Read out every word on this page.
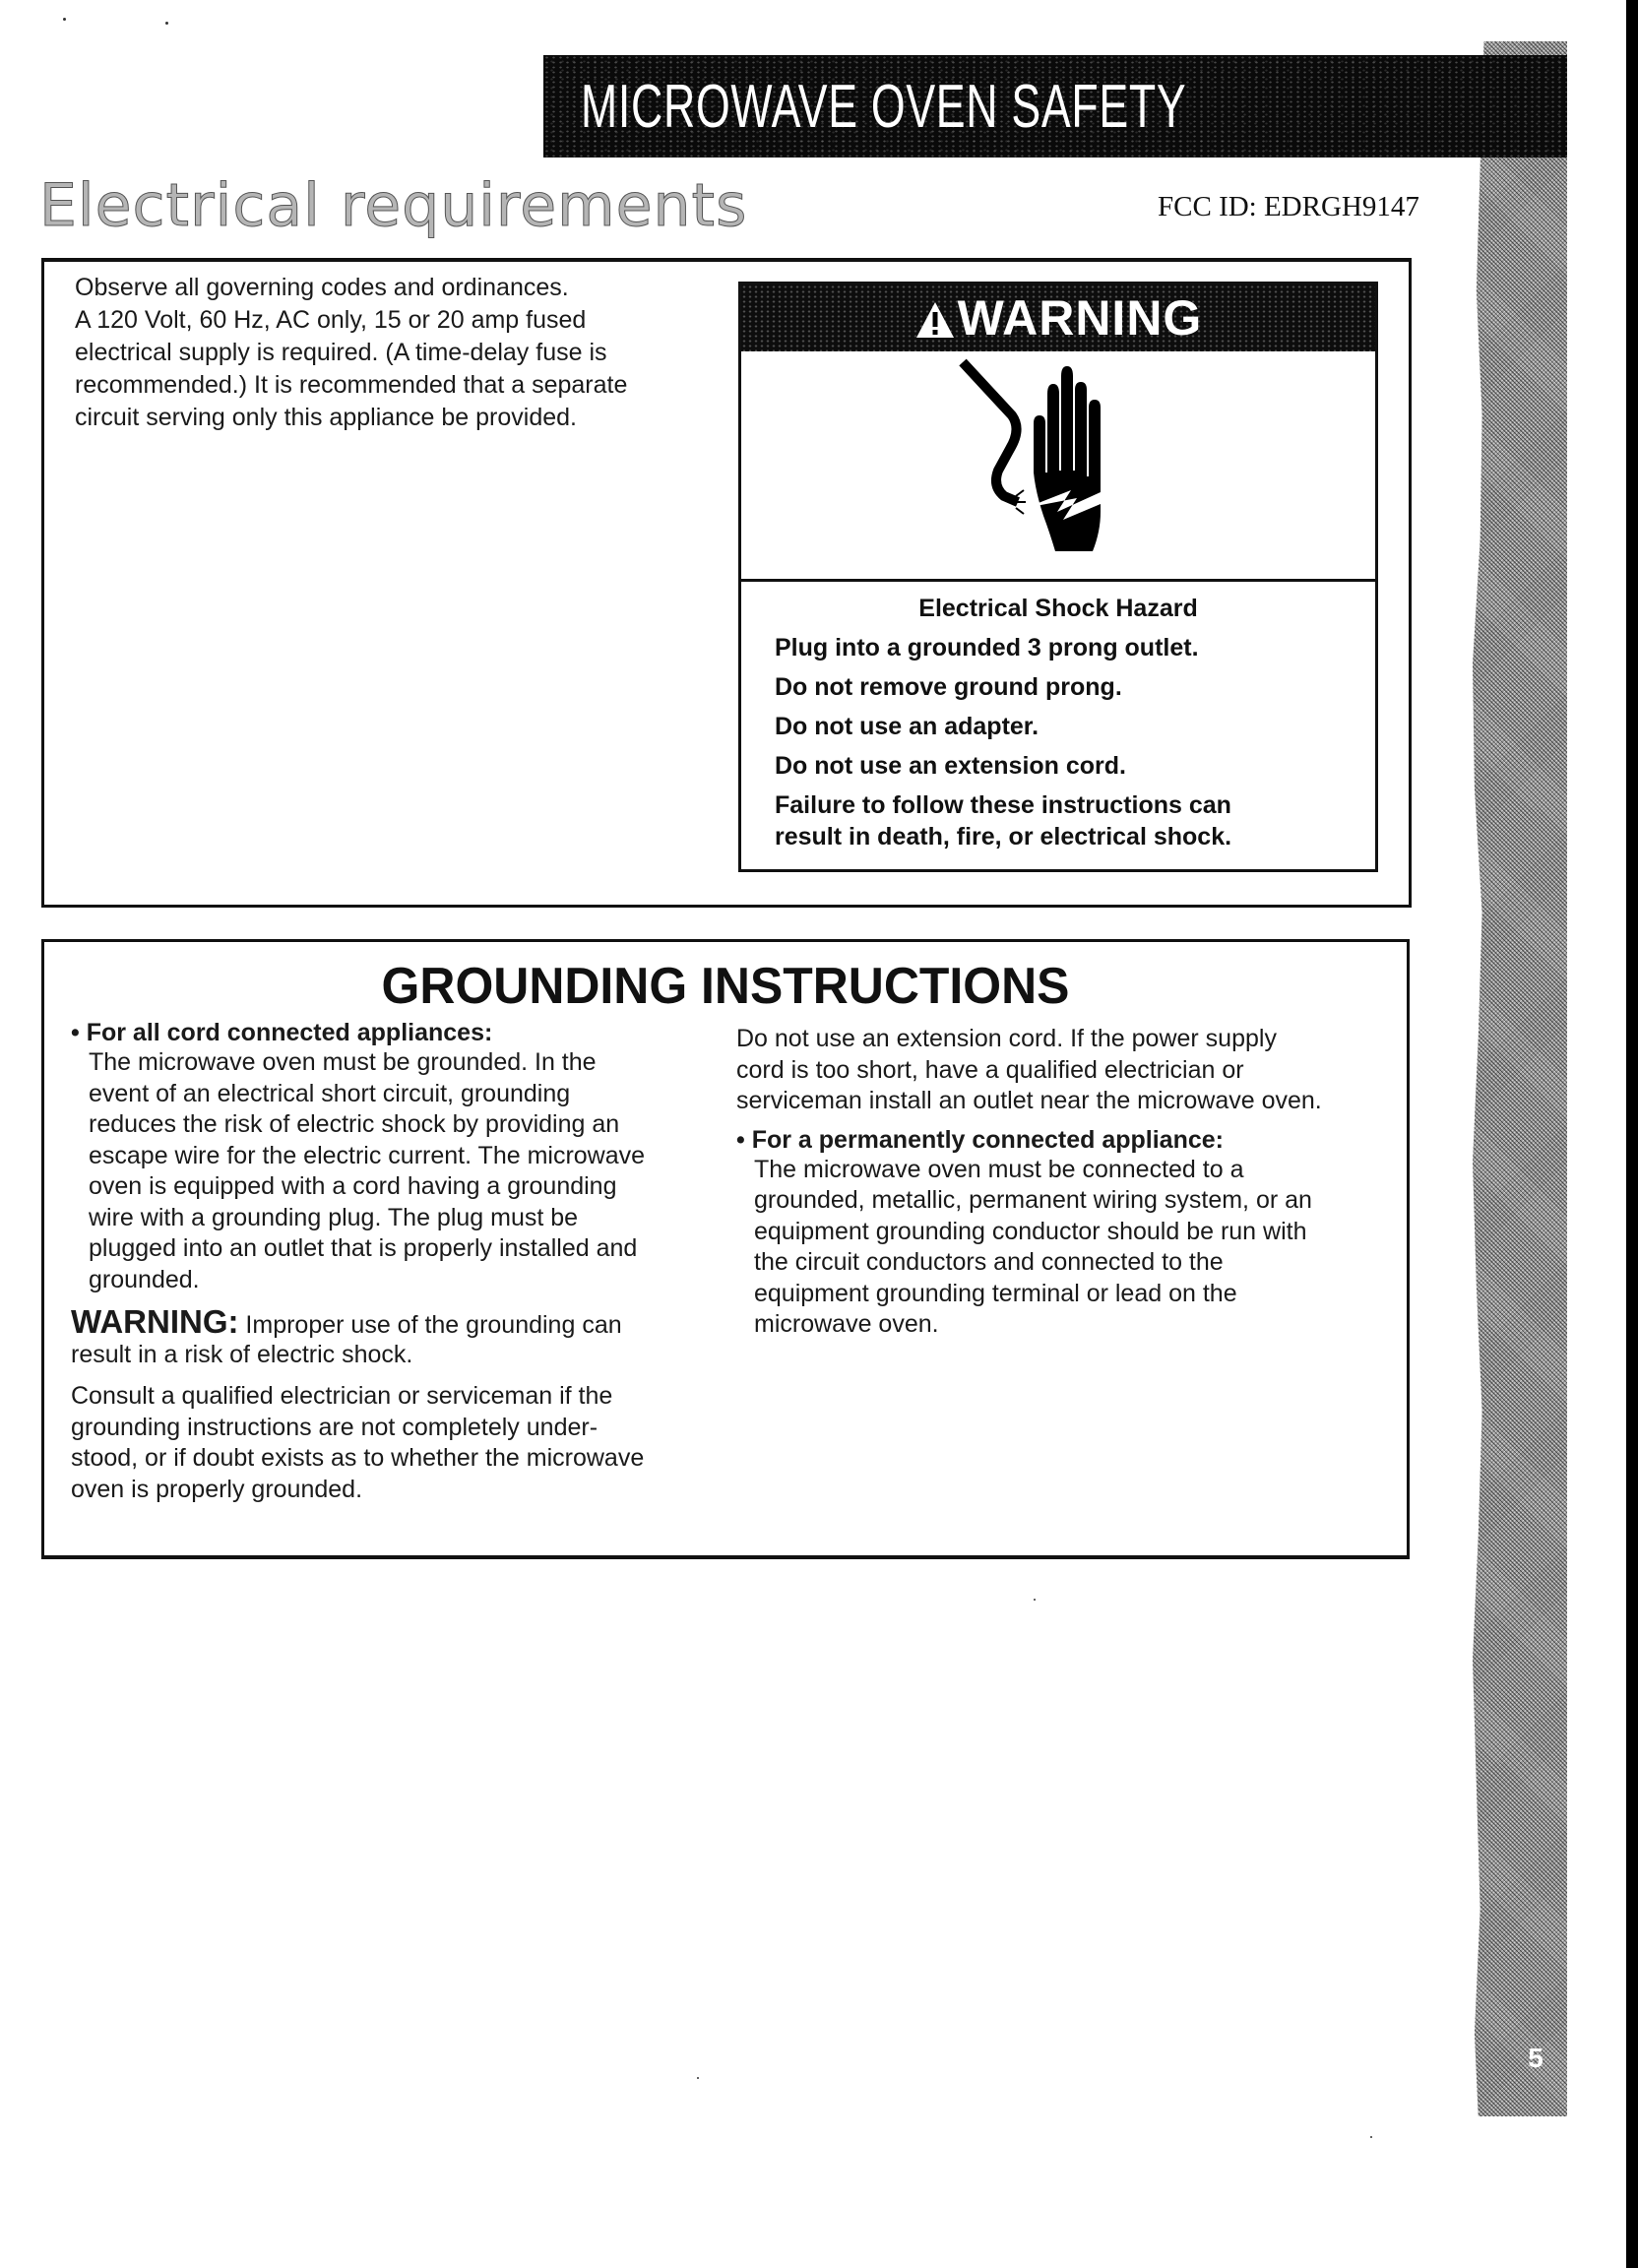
5
MICROWAVE OVEN SAFETY
Electrical requirements	FCC ID: EDRGH9147
Observe all governing codes and ordinances.
A 120 Volt, 60 Hz, AC only, 15 or 20 amp fused
electrical supply is required. (A time-delay fuse is
recommended.) It is recommended that a separate
circuit serving only this appliance be provided.
WARNING
Electrical Shock Hazard
Plug into a grounded 3 prong outlet.
Do not remove ground prong.
Do not use an adapter.
Do not use an extension cord.
Failure to follow these instructions can
result in death, fire, or electrical shock.
GROUNDING INSTRUCTIONS
• For all cord connected appliances:
The microwave oven must be grounded. In the
event of an electrical short circuit, grounding
reduces the risk of electric shock by providing an
escape wire for the electric current. The microwave
oven is equipped with a cord having a grounding
wire with a grounding plug. The plug must be
plugged into an outlet that is properly installed and
grounded.
WARNING: Improper use of the grounding can
result in a risk of electric shock.
Consult a qualified electrician or serviceman if the
grounding instructions are not completely under-
stood, or if doubt exists as to whether the microwave
oven is properly grounded.
Do not use an extension cord. If the power supply
cord is too short, have a qualified electrician or
serviceman install an outlet near the microwave oven.
• For a permanently connected appliance:
The microwave oven must be connected to a
grounded, metallic, permanent wiring system, or an
equipment grounding conductor should be run with
the circuit conductors and connected to the
equipment grounding terminal or lead on the
microwave oven.
